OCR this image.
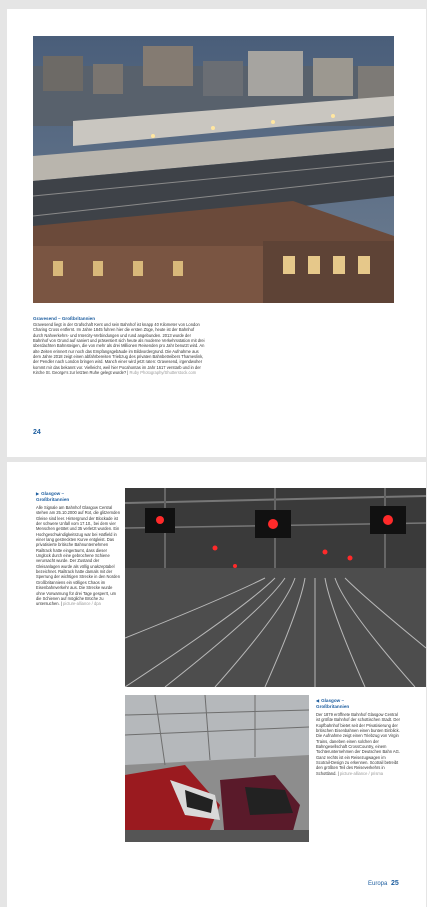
Gravesend – Großbritannien
Gravesend liegt in der Grafschaft Kent und sein Bahnhof ist knapp 40 Kilometer von London Charing Cross entfernt. Im Jahre 1845 fuhren hier die ersten Züge, heute ist der Bahnhof durch Nahverkehrs- und Intercity-Verbindungen und rund angebunden. 2013 wurde der Bahnhof von Grund auf saniert und präsentiert sich heute als moderne Verkehrsstation mit drei überdachten Bahnsteigen, die von mehr als drei Millionen Reisenden pro Jahr benutzt wird. An alte Zeiten erinnert nur noch das Empfangsgebäude im Bildvordergrund. Die Aufnahme aus dem Jahre 2018 zeigt einen abfahrbereiten Triebzug des privaten Bahnbetreibers Thameslink, der Pendler nach London bringen wird. Manch einer wird jetzt raten: Gravesend, irgendwoher kommt mir das bekannt vor. Vielleicht, weil hier Pocahontas im Jahr 1617 verstarb und in der Kirche St. George's zur letzten Ruhe gelegt wurde? | Ruby Photography/Shutterstock.com
24
▶ Glasgow –
Großbritannien
Alle Signale am Bahnhof Glasgow Central stehen am 25.10.2000 auf Rot, die glitzernden Gleise sind leer. Hintergrund der Blockade ist der schwere Unfall vom 17.10., bei dem vier Menschen getötet und 35 verletzt wurden. Ein Hochgeschwindigkeitszug war bei Hatfield in einer lang gestreckten Kurve entgleist. Das privatisierte britische Bahnunternehmen Railtrack hatte eingeräumt, dass dieser Unglück durch eine gebrochene Schiene verursacht wurde. Der Zustand der Gleisanlagen wurde als völlig unakzeptabel bezeichnet. Railtrack hatte damals mit der Sperrung der wichtigen Strecke in den Norden Großbritanniens ein völliges Chaos im Eisenbahnverkehr aus. Die Strecke wurde ohne Vorwarnung für drei Tage gesperrt, um die Schienen auf mögliche Brüche zu untersuchen. | picture-alliance / dpa
◀ Glasgow –
Großbritannien
Der 1879 eröffnete Bahnhof Glasgow Central ist größte Bahnhof der schottischen Stadt. Der Kopfbahnhof bietet seit der Privatisierung der britischen Eisenbahnen einen bunten Einblick. Die Aufnahme zeigt einen Triebzug von Virgin Trains, daneben einen solchen der Bahngesellschaft CrossCountry, einem Tochterunternehmen der Deutschen Bahn AG. Ganz rechts ist ein Reisezugwagen im Scotrail-Design zu erkennen. Scotrail betreibt den größten Teil des Reiseverkehrs in Schottland. | picture-alliance / prisma
Europa 25
